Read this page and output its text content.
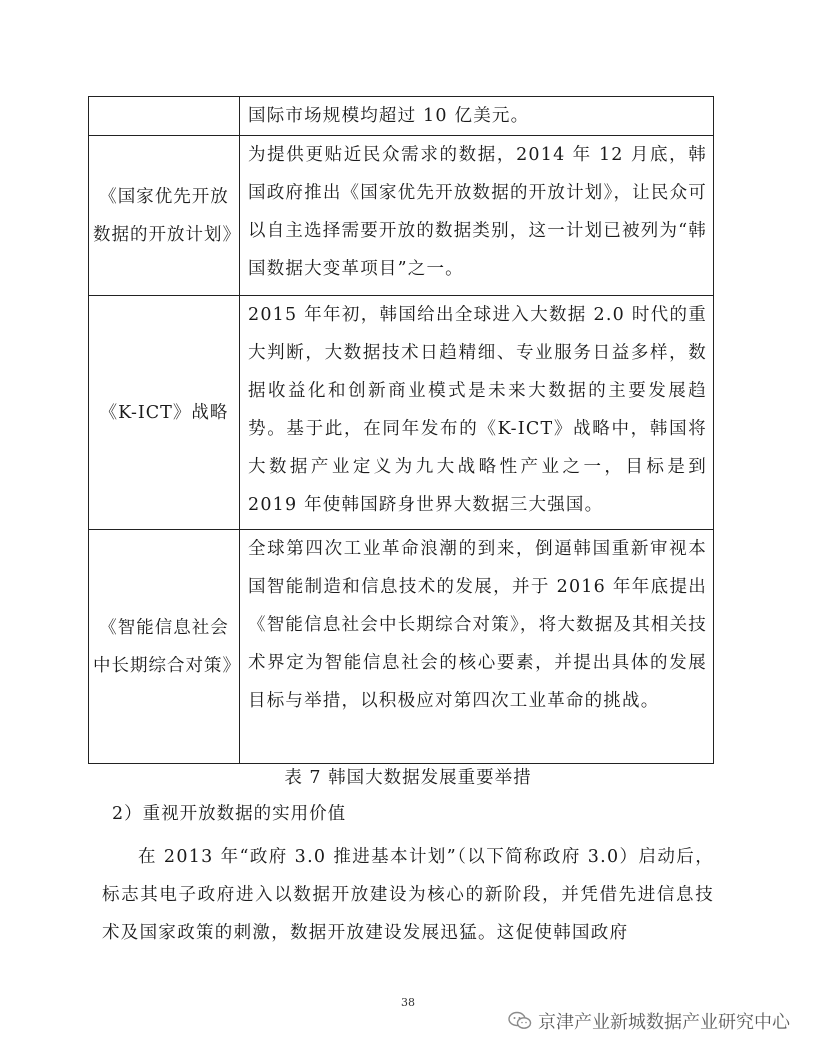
	国际市场规模均超过 10 亿美元。
《国家优先开放数据的开放计划》	为提供更贴近民众需求的数据，2014 年 12 月底，韩国政府推出《国家优先开放数据的开放计划》，让民众可以自主选择需要开放的数据类别，这一计划已被列为“韩国数据大变革项目”之一。
《K-ICT》战略	2015 年年初，韩国给出全球进入大数据 2.0 时代的重大判断，大数据技术日趋精细、专业服务日益多样，数据收益化和创新商业模式是未来大数据的主要发展趋势。基于此，在同年发布的《K-ICT》战略中，韩国将大数据产业定义为九大战略性产业之一，目标是到 2019 年使韩国跻身世界大数据三大强国。
《智能信息社会中长期综合对策》	全球第四次工业革命浪潮的到来，倒逼韩国重新审视本国智能制造和信息技术的发展，并于 2016 年年底提出《智能信息社会中长期综合对策》，将大数据及其相关技术界定为智能信息社会的核心要素，并提出具体的发展目标与举措，以积极应对第四次工业革命的挑战。
表 7 韩国大数据发展重要举措
2）重视开放数据的实用价值

在 2013 年“政府 3.0 推进基本计划”（以下简称政府 3.0）启动后，标志其电子政府进入以数据开放建设为核心的新阶段，并凭借先进信息技术及国家政策的刺激，数据开放建设发展迅猛。这促使韩国政府

38
京津产业新城数据产业研究中心
